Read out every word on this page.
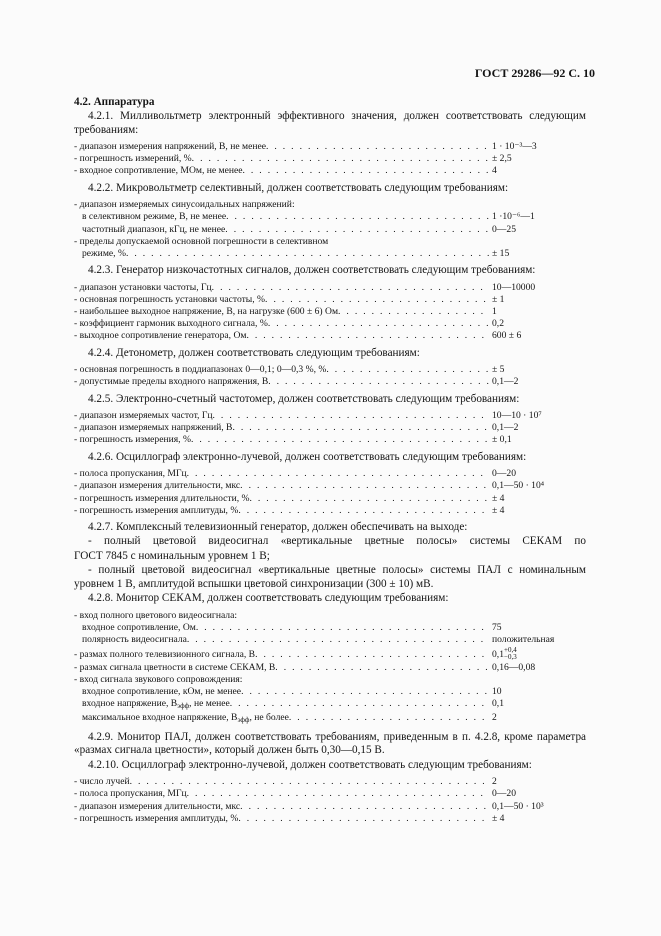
ГОСТ 29286—92 С. 10
4.2. Аппаратура
4.2.1. Милливольтметр электронный эффективного значения, должен соответствовать следующим требованиям:
- диапазон измерения напряжений, В, не менее . . .	1 · 10⁻³—3
- погрешность измерений, % . . .	± 2,5
- входное сопротивление, МОм, не менее . . .	4
4.2.2. Микровольтметр селективный, должен соответствовать следующим требованиям:
- диапазон измеряемых синусоидальных напряжений:
в селективном режиме, В, не менее . . .	1 ·10⁻⁶—1
частотный диапазон, кГц, не менее . . .	0—25
- пределы допускаемой основной погрешности в селективном
режиме, % . . .	± 15
4.2.3. Генератор низкочастотных сигналов, должен соответствовать следующим требованиям:
- диапазон установки частоты, Гц . . .	10—10000
- основная погрешность установки частоты, % . . .	± 1
- наибольшее выходное напряжение, В, на нагрузке (600 ± 6) Ом . . .	1
- коэффициент гармоник выходного сигнала, % . . .	0,2
- выходное сопротивление генератора, Ом . . .	600 ± 6
4.2.4. Детонометр, должен соответствовать следующим требованиям:
- основная погрешность в поддиапазонах 0—0,1; 0—0,3 %, % . . .	± 5
- допустимые пределы входного напряжения, В . . .	0,1—2
4.2.5. Электронно-счетный частотомер, должен соответствовать следующим требованиям:
- диапазон измеряемых частот, Гц . . .	10—10 · 10⁷
- диапазон измеряемых напряжений, В . . .	0,1—2
- погрешность измерения, % . . .	± 0,1
4.2.6. Осциллограф электронно-лучевой, должен соответствовать следующим требованиям:
- полоса пропускания, МГц . . .	0—20
- диапазон измерения длительности, мкс . . .	0,1—50 · 10⁴
- погрешность измерения длительности, % . . .	± 4
- погрешность измерения амплитуды, % . . .	± 4
4.2.7. Комплексный телевизионный генератор, должен обеспечивать на выходе:
- полный цветовой видеосигнал «вертикальные цветные полосы» системы СЕКАМ по
ГОСТ 7845 с номинальным уровнем 1 В;
- полный цветовой видеосигнал «вертикальные цветные полосы» системы ПАЛ с номинальным уровнем 1 В, амплитудой вспышки цветовой синхронизации (300 ± 10) мВ.
4.2.8. Монитор СЕКАМ, должен соответствовать следующим требованиям:
- вход полного цветового видеосигнала:
входное сопротивление, Ом . . .	75
полярность видеосигнала . . .	положительная
- размах полного телевизионного сигнала, В . . .	0,1 +0,4
−0,3
- размах сигнала цветности в системе СЕКАМ, В . . .	0,16—0,08
- вход сигнала звукового сопровождения:
входное сопротивление, кОм, не менее . . .	10
входное напряжение, $В_{эфф}$, не менее . . .	0,1
максимальное входное напряжение, $В_{эфф}$, не более . . .	2
4.2.9. Монитор ПАЛ, должен соответствовать требованиям, приведенным в п. 4.2.8, кроме параметра «размах сигнала цветности», который должен быть 0,30—0,15 В.
4.2.10. Осциллограф электронно-лучевой, должен соответствовать следующим требованиям:
- число лучей . . .	2
- полоса пропускания, МГц . . .	0—20
- диапазон измерения длительности, мкс . . .	0,1—50 · 10³
- погрешность измерения амплитуды, % . . .	± 4
